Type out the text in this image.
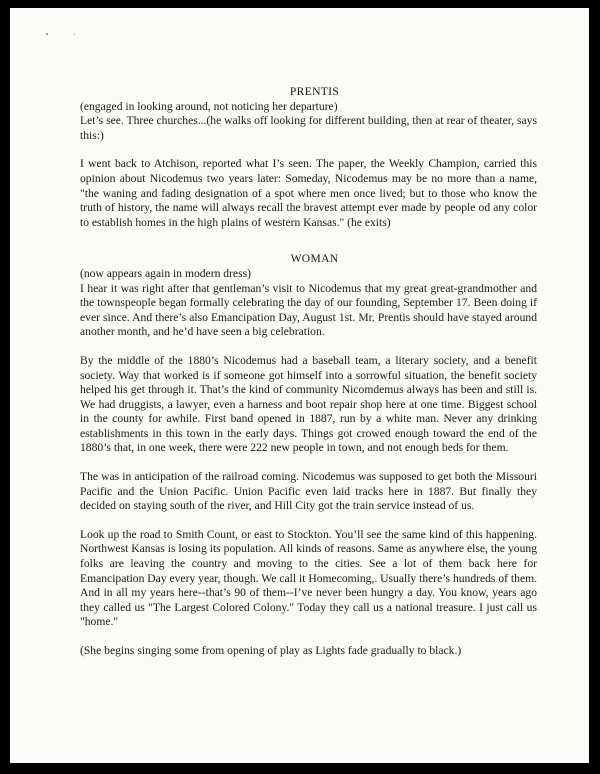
PRENTIS

(engaged in looking around, not noticing her departure)

Let’s see. Three churches...(he walks off looking for different building, then at rear of theater, says this:)

I went back to Atchison, reported what I’s seen. The paper, the Weekly Champion, carried this opinion about Nicodemus two years later: Someday, Nicodemus may be no more than a name, "the waning and fading designation of a spot where men once lived; but to those who know the truth of history, the name will always recall the bravest attempt ever made by people od any color to establish homes in the high plains of western Kansas." (he exits)

WOMAN

(now appears again in modern dress)

I hear it was right after that gentleman’s visit to Nicodemus that my great great-grandmother and the townspeople began formally celebrating the day of our founding, September 17. Been doing if ever since. And there’s also Emancipation Day, August 1st. Mr. Prentis should have stayed around another month, and he’d have seen a big celebration.

By the middle of the 1880’s Nicodemus had a baseball team, a literary society, and a benefit society. Way that worked is if someone got himself into a sorrowful situation, the benefit society helped his get through it. That’s the kind of community Nicomdemus always has been and still is. We had druggists, a lawyer, even a harness and boot repair shop here at one time. Biggest school in the county for awhile. First band opened in 1887, run by a white man. Never any drinking establishments in this town in the early days. Things got crowed enough toward the end of the 1880’s that, in one week, there were 222 new people in town, and not enough beds for them.

The was in anticipation of the railroad coming. Nicodemus was supposed to get both the Missouri Pacific and the Union Pacific. Union Pacific even laid tracks here in 1887. But finally they decided on staying south of the river, and Hill City got the train service instead of us.

Look up the road to Smith Count, or east to Stockton. You’ll see the same kind of this happening. Northwest Kansas is losing its population. All kinds of reasons. Same as anywhere else, the young folks are leaving the country and moving to the cities. See a lot of them back here for Emancipation Day every year, though. We call it Homecoming,. Usually there’s hundreds of them. And in all my years here--that’s 90 of them--I’ve never been hungry a day. You know, years ago they called us "The Largest Colored Colony." Today they call us a national treasure. I just call us "home."

(She begins singing some from opening of play as Lights fade gradually to black.)
